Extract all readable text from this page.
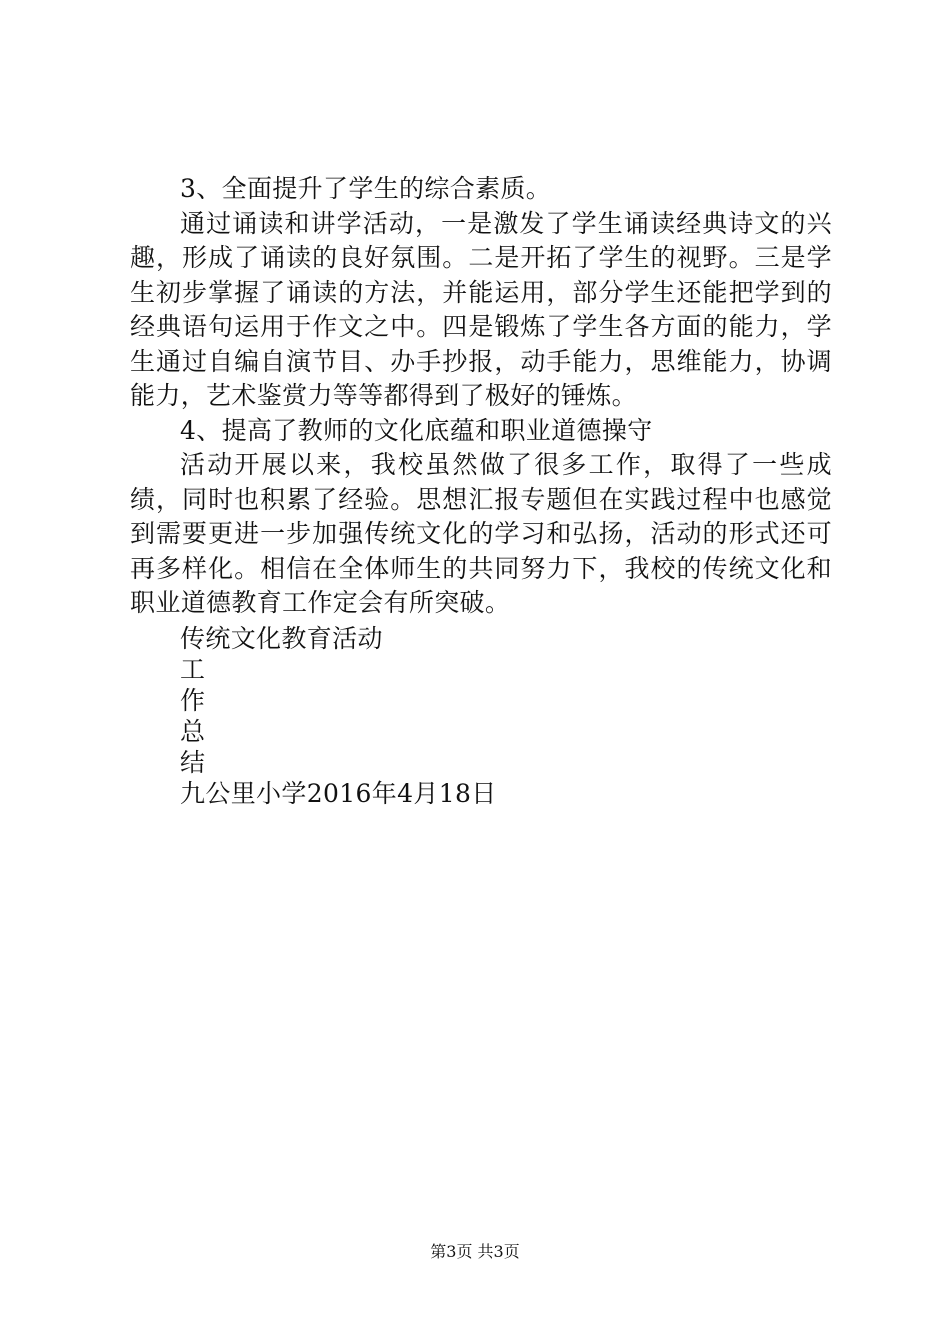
3、全面提升了学生的综合素质。

通过诵读和讲学活动，一是激发了学生诵读经典诗文的兴趣，形成了诵读的良好氛围。二是开拓了学生的视野。三是学生初步掌握了诵读的方法，并能运用，部分学生还能把学到的经典语句运用于作文之中。四是锻炼了学生各方面的能力，学生通过自编自演节目、办手抄报，动手能力，思维能力，协调能力，艺术鉴赏力等等都得到了极好的锤炼。

4、提高了教师的文化底蕴和职业道德操守

活动开展以来，我校虽然做了很多工作，取得了一些成绩，同时也积累了经验。思想汇报专题但在实践过程中也感觉到需要更进一步加强传统文化的学习和弘扬，活动的形式还可再多样化。相信在全体师生的共同努力下，我校的传统文化和职业道德教育工作定会有所突破。

传统文化教育活动

工

作

总

结

九公里小学2016年4月18日

第3页 共3页
